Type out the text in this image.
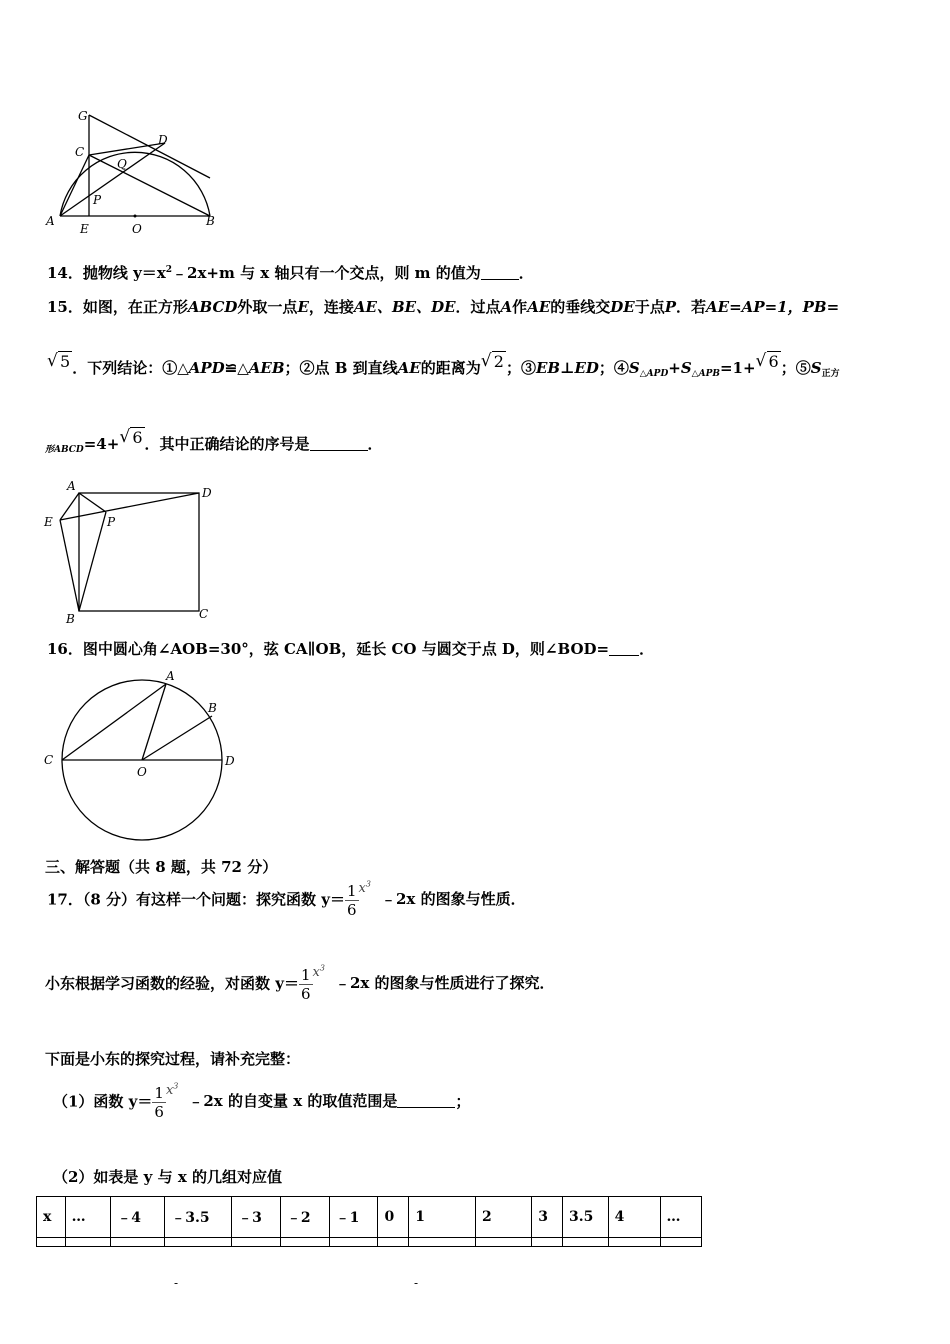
G
C
D
Q
P
A
E	O
B
14．抛物线 $y=x^2﹣2x+m$ 与 x 轴只有一个交点，则 m 的值为	．
15．如图，在正方形ABCD外取一点E，连接AE、BE、DE．过点A作AE的垂线交DE于点P．若AE=AP=1，PB=
√ 5 ．下列结论：①△APD≌△AEB；②点 B 到直线AE的距离为 √ 2 ；③EB⊥ED；$④S_{\triangle APD}+S_{\triangle APB}=1+$ √ 6 ；$⑤S_{正方}$
$_{形ABCD}$=4+ √ 6 ．其中正确结论的序号是	．
A	D
E	P
B	C
16．图中圆心角∠AOB=30°，弦 CA∥OB，延长 CO 与圆交于点 D，则∠BOD= ．
A
B
C
O
D
三、解答题（共 8 题，共 72 分）
17．（8 分）有这样一个问题：探究函数 $y= \frac{1}{6}$ $x^3﹣2x$ 的图象与性质．
小东根据学习函数的经验，对函数 $y= \frac{1}{6}$ $x^3﹣2x$ 的图象与性质进行了探究．
下面是小东的探究过程，请补充完整：
（1）函数 $y= \frac{1}{6}$ $x^3﹣2x$ 的自变量 x 的取值范围是	；
（2）如表是 y 与 x 的几组对应值
x	…	﹣4	﹣3.5	﹣3	﹣2	﹣1	0	1	2	3	3.5	4	…

-	-
